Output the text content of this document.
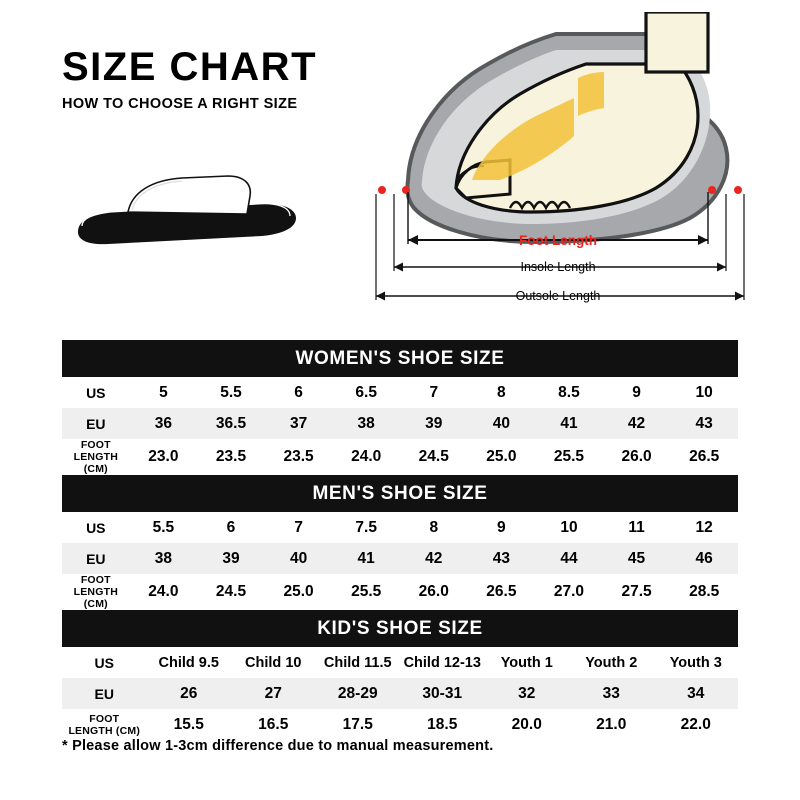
SIZE CHART
HOW TO CHOOSE A RIGHT SIZE
Foot Length
Insole Length
Outsole Length
WOMEN'S SHOE SIZE									
US	5	5.5	6	6.5	7	8	8.5	9	10
EU	36	36.5	37	38	39	40	41	42	43
FOOT
LENGTH (CM)	23.0	23.5	23.5	24.0	24.5	25.0	25.5	26.0	26.5
MEN'S SHOE SIZE									
US	5.5	6	7	7.5	8	9	10	11	12
EU	38	39	40	41	42	43	44	45	46
FOOT
LENGTH (CM)	24.0	24.5	25.0	25.5	26.0	26.5	27.0	27.5	28.5
KID'S SHOE SIZE							
US	Child 9.5	Child 10	Child 11.5	Child 12-13	Youth 1	Youth 2	Youth 3
EU	26	27	28-29	30-31	32	33	34
FOOT
LENGTH (CM)	15.5	16.5	17.5	18.5	20.0	21.0	22.0
* Please allow 1-3cm difference due to manual measurement.
